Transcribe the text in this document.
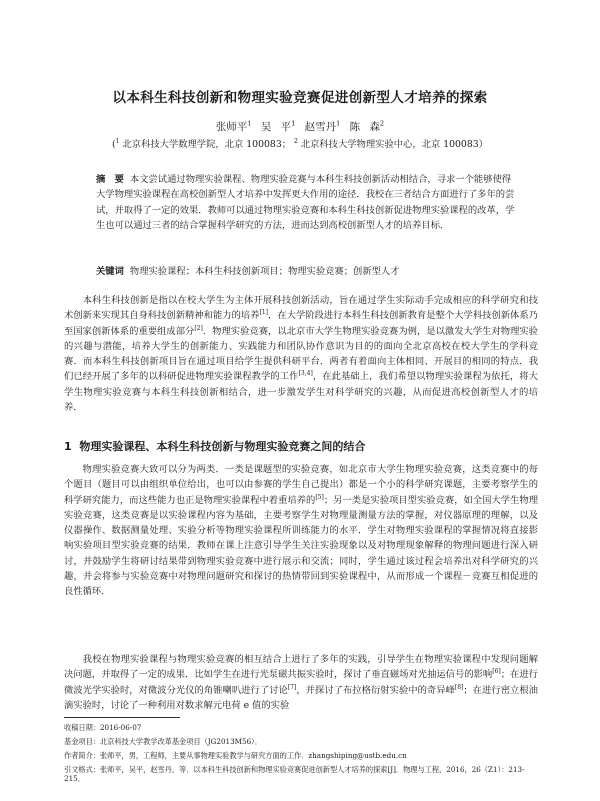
以本科生科技创新和物理实验竞赛促进创新型人才培养的探索

张师平$^1$ 吴 平$^1$ 赵雪丹$^1$ 陈 森$^2$

($^1$ 北京科技大学数理学院，北京 100083； $^2$ 北京科技大学物理实验中心，北京 100083）

摘　要 本文尝试通过物理实验课程、物理实验竞赛与本科生科技创新活动相结合，寻求一个能够使得大学物理实验课程在高校创新型人才培养中发挥更大作用的途径．我校在三者结合方面进行了多年的尝试，并取得了一定的效果．教师可以通过物理实验竞赛和本科生科技创新促进物理实验课程的改革，学生也可以通过三者的结合掌握科学研究的方法，进而达到高校创新型人才的培养目标．

关键词 物理实验课程；本科生科技创新项目；物理实验竞赛；创新型人才

本科生科技创新是指以在校大学生为主体开展科技创新活动，旨在通过学生实际动手完成相应的科学研究和技术创新来实现其自身科技创新精神和能力的培养[1]．在大学阶段进行本科生科技创新教育是整个大学科技创新体系乃至国家创新体系的重要组成部分[2]．物理实验竞赛，以北京市大学生物理实验竞赛为例，是以激发大学生对物理实验的兴趣与潜能，培养大学生的创新能力、实践能力和团队协作意识为目的的面向全北京高校在校大学生的学科竞赛．而本科生科技创新项目旨在通过项目给学生提供科研平台．两者有着面向主体相同、开展目的相同的特点．我们已经开展了多年的以科研促进物理实验课程教学的工作[3,4]，在此基础上，我们希望以物理实验课程为依托，将大学生物理实验竞赛与本科生科技创新相结合，进一步激发学生对科学研究的兴趣，从而促进高校创新型人才的培养．

1 物理实验课程、本科生科技创新与物理实验竞赛之间的结合

物理实验竞赛大致可以分为两类．一类是课题型的实验竞赛，如北京市大学生物理实验竞赛，这类竞赛中的每个题目（题目可以由组织单位给出，也可以由参赛的学生自己提出）都是一个小的科学研究课题，主要考察学生的科学研究能力，而这些能力也正是物理实验课程中着重培养的[5]；另一类是实验项目型实验竞赛，如全国大学生物理实验竞赛，这类竞赛是以实验课程内容为基础，主要考察学生对物理量测量方法的掌握，对仪器原理的理解，以及仪器操作、数据测量处理、实验分析等物理实验课程所训练能力的水平．学生对物理实验课程的掌握情况将直接影响实验项目型实验竞赛的结果．教师在课上注意引导学生关注实验现象以及对物理现象解释的物理问题进行深入研讨，并鼓励学生将研讨结果带到物理实验竞赛中进行展示和交流；同时，学生通过该过程会培养出对科学研究的兴趣，并会将参与实验竞赛中对物理问题研究和探讨的热情带回到实验课程中，从而形成一个课程－竞赛互相促进的良性循环．

我校在物理实验课程与物理实验竞赛的相互结合上进行了多年的实践，引导学生在物理实验课程中发现问题解决问题，并取得了一定的成果．比如学生在进行光泵磁共振实验时，探讨了垂直磁场对光抽运信号的影响[6]；在进行微波光学实验时，对微波分光仪的角锥喇叭进行了讨论[7]，并探讨了布拉格衍射实验中的奇异峰[8]；在进行密立根油滴实验时，讨论了一种利用对数求解元电荷 e 值的实验

收稿日期：2016-06-07

基金项目：北京科技大学教学改革基金项目（JG2013M56）．

作者简介：张师平，男，工程师，主要从事物理实验教学与研究方面的工作．zhangshiping@ustb.edu.cn

引文格式：张师平，吴平，赵雪丹，等．以本科生科技创新和物理实验竞赛促进创新型人才培养的探索[J]．物理与工程，2016，26（Z1）：213-215．
